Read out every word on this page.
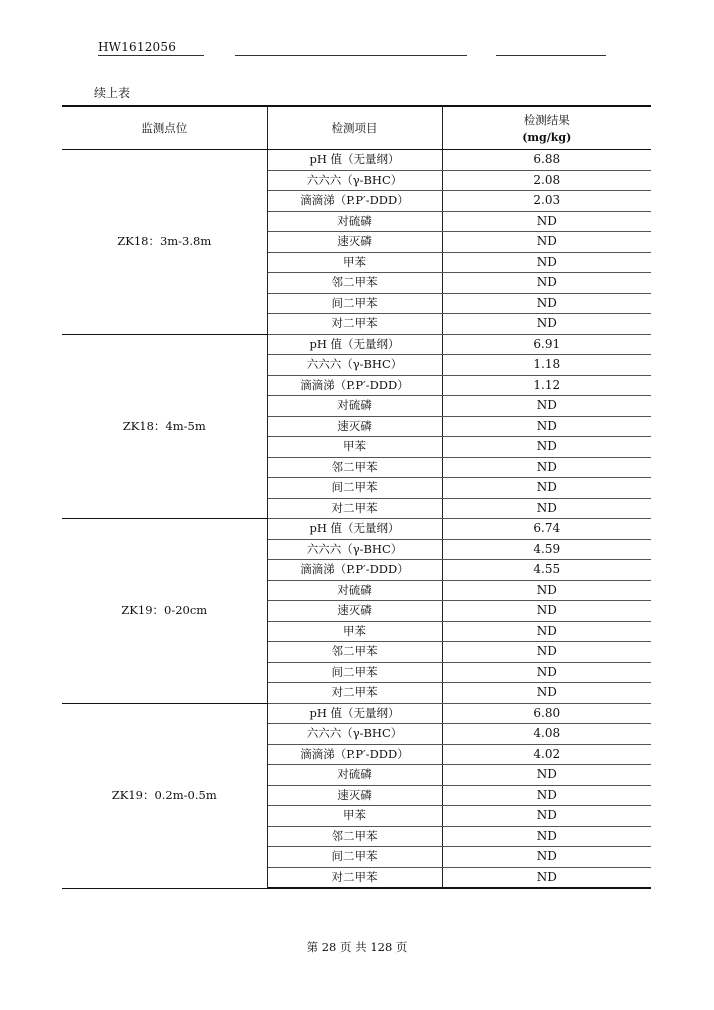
HW1612056
续上表
监测点位	检测项目	检测结果
(mg/kg)

ZK18：3m-3.8m	pH 值（无量纲）	6.88
	六六六（γ-BHC）	2.08
	滴滴涕（P.P′-DDD）	2.03
	对硫磷	ND
	速灭磷	ND
	甲苯	ND
	邻二甲苯	ND
	间二甲苯	ND
	对二甲苯	ND
ZK18：4m-5m	pH 值（无量纲）	6.91
	六六六（γ-BHC）	1.18
	滴滴涕（P.P′-DDD）	1.12
	对硫磷	ND
	速灭磷	ND
	甲苯	ND
	邻二甲苯	ND
	间二甲苯	ND
	对二甲苯	ND
ZK19：0-20cm	pH 值（无量纲）	6.74
	六六六（γ-BHC）	4.59
	滴滴涕（P.P′-DDD）	4.55
	对硫磷	ND
	速灭磷	ND
	甲苯	ND
	邻二甲苯	ND
	间二甲苯	ND
	对二甲苯	ND
ZK19：0.2m-0.5m	pH 值（无量纲）	6.80
	六六六（γ-BHC）	4.08
	滴滴涕（P.P′-DDD）	4.02
	对硫磷	ND
	速灭磷	ND
	甲苯	ND
	邻二甲苯	ND
	间二甲苯	ND
	对二甲苯	ND
第 28 页 共 128 页
